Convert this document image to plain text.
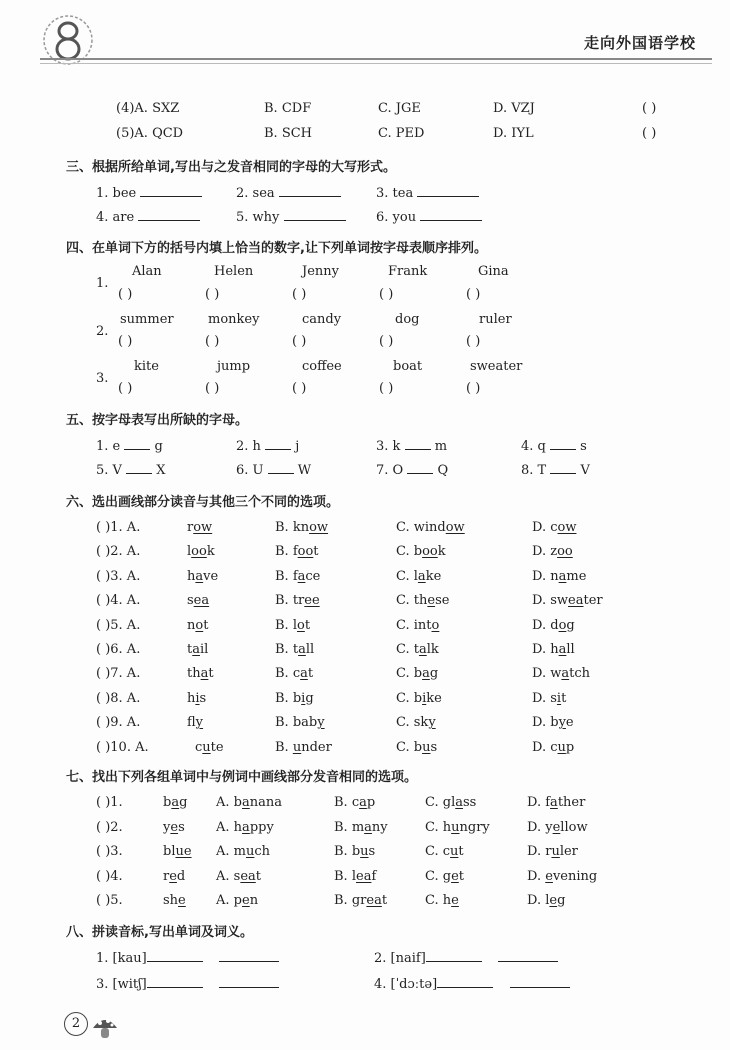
走向外国语学校
(4)A. SXZ	B. CDF	C. JGE	D. VZJ	( )
(5)A. QCD	B. SCH	C. PED	D. IYL	( )
三、根据所给单词,写出与之发音相同的字母的大写形式。
1. bee	2. sea	3. tea
4. are	5. why	6. you
四、在单词下方的括号内填上恰当的数字,让下列单词按字母表顺序排列。
1.
Alan	Helen	Jenny	Frank	Gina
( )	( )	( )	( )	( )
2.
summer	monkey	candy	dog	ruler
( )	( )	( )	( )	( )
3.
kite	jump	coffee	boat	sweater
( )	( )	( )	( )	( )
五、按字母表写出所缺的字母。
1. e	g	2. h	j	3. k	m	4. q	s
5. V	X	6. U	W	7. O	Q	8. T	V
六、选出画线部分读音与其他三个不同的选项。
( )1. A.	row	B. know	C. window	D. cow
( )2. A.	look	B. foot	C. book	D. zoo
( )3. A.	have	B. face	C. lake	D. name
( )4. A.	sea	B. tree	C. these	D. sweater
( )5. A.	not	B. lot	C. into	D. dog
( )6. A.	tail	B. tall	C. talk	D. hall
( )7. A.	that	B. cat	C. bag	D. watch
( )8. A.	his	B. big	C. bike	D. sit
( )9. A.	fly	B. baby	C. sky	D. bye
( )10. A.	cute	B. under	C. bus	D. cup
七、找出下列各组单词中与例词中画线部分发音相同的选项。
( )1.	bag A. banana	B. cap	C. glass	D. father
( )2.	yes A. happy	B. many	C. hungry	D. yellow
( )3.	blue A. much	B. bus	C. cut	D. ruler
( )4.	red A. seat	B. leaf	C. get	D. evening
( )5.	she A. pen	B. great	C. he	D. leg
八、拼读音标,写出单词及词义。
1. [kau]	2. [naif]
3. [witʃ]	4. [ˈdɔːtə]
2
